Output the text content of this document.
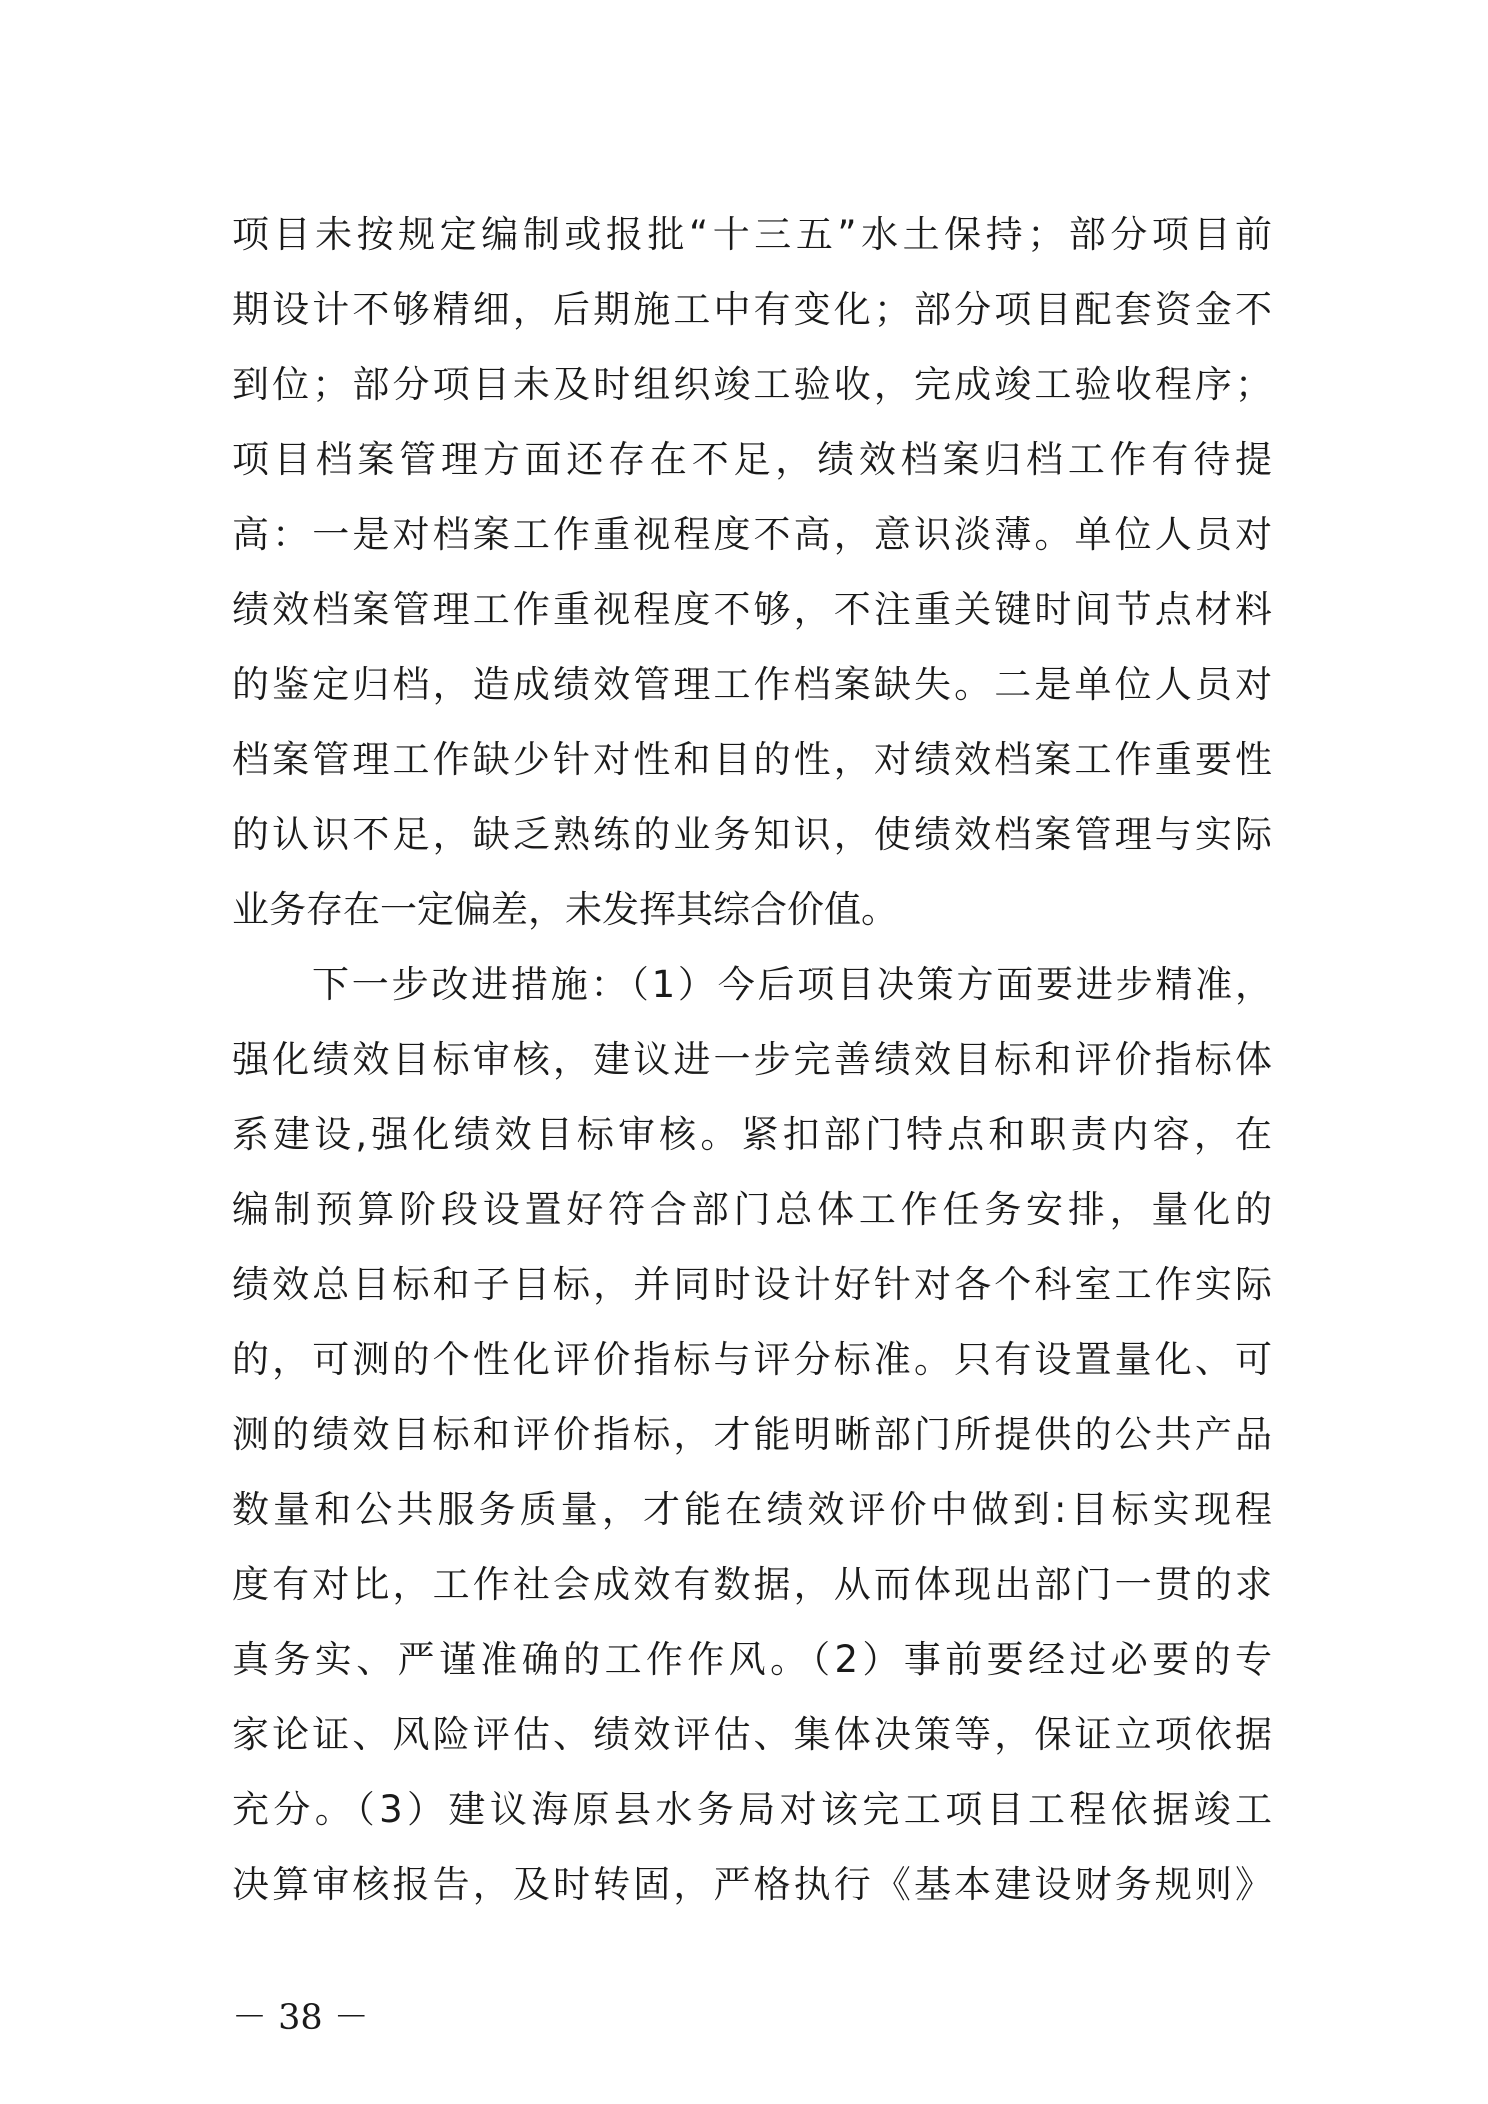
项目未按规定编制或报批“十三五”水土保持；部分项目前
期设计不够精细，后期施工中有变化；部分项目配套资金不
到位；部分项目未及时组织竣工验收，完成竣工验收程序；
项目档案管理方面还存在不足，绩效档案归档工作有待提
高：一是对档案工作重视程度不高，意识淡薄。单位人员对
绩效档案管理工作重视程度不够，不注重关键时间节点材料
的鉴定归档，造成绩效管理工作档案缺失。二是单位人员对
档案管理工作缺少针对性和目的性，对绩效档案工作重要性
的认识不足，缺乏熟练的业务知识，使绩效档案管理与实际
业务存在一定偏差，未发挥其综合价值。
下一步改进措施：（1）今后项目决策方面要进步精准，
强化绩效目标审核，建议进一步完善绩效目标和评价指标体
系建设,强化绩效目标审核。紧扣部门特点和职责内容，在
编制预算阶段设置好符合部门总体工作任务安排，量化的
绩效总目标和子目标，并同时设计好针对各个科室工作实际
的，可测的个性化评价指标与评分标准。只有设置量化、可
测的绩效目标和评价指标，才能明晰部门所提供的公共产品
数量和公共服务质量，才能在绩效评价中做到:目标实现程
度有对比，工作社会成效有数据，从而体现出部门一贯的求
真务实、严谨准确的工作作风。（2）事前要经过必要的专
家论证、风险评估、绩效评估、集体决策等，保证立项依据
充分。（3）建议海原县水务局对该完工项目工程依据竣工
决算审核报告，及时转固，严格执行《基本建设财务规则》
－ 38 －
